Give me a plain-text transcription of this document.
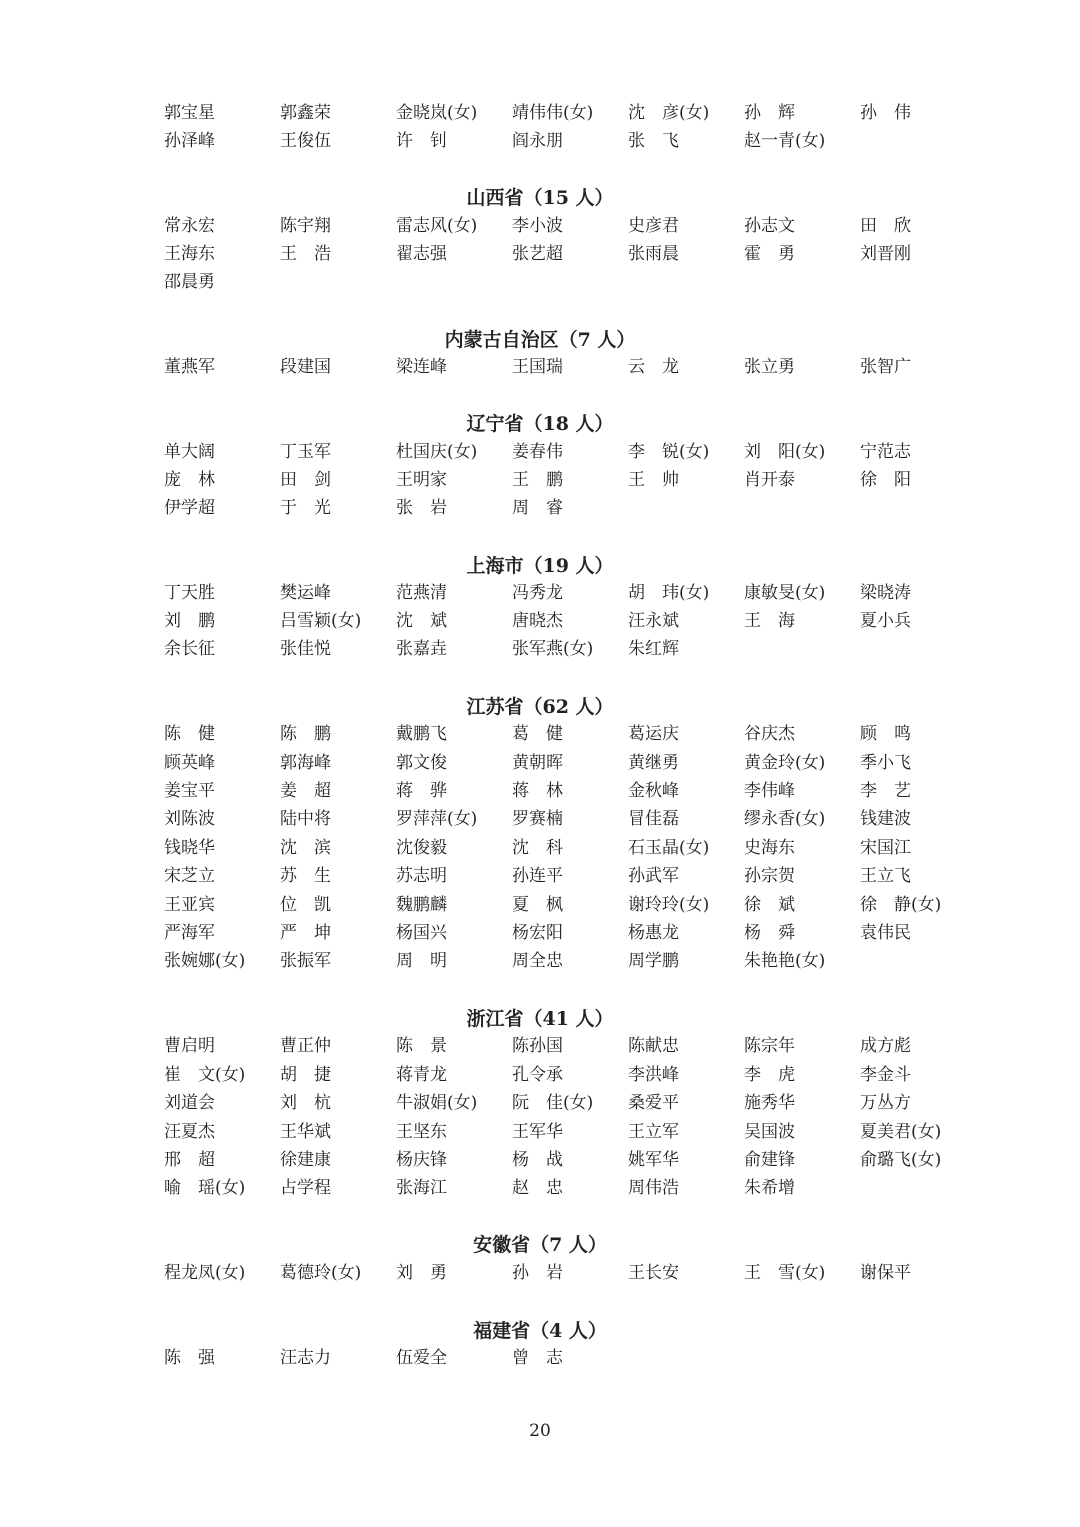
郭宝星	郭鑫荣	金晓岚(女) 靖伟伟(女) 沈　彦(女) 孙　辉	孙　伟
孙泽峰	王俊伍	许　钊	阎永朋	张　飞	赵一青(女)
山西省（15 人）
常永宏	陈宇翔	雷志风(女) 李小波	史彦君	孙志文	田　欣
王海东	王　浩	翟志强	张艺超	张雨晨	霍　勇	刘晋刚
邵晨勇
内蒙古自治区（7 人）
董燕军	段建国	梁连峰	王国瑞	云　龙	张立勇	张智广
辽宁省（18 人）
单大阔	丁玉军	杜国庆(女) 姜春伟	李　锐(女) 刘　阳(女) 宁范志
庞　林	田　剑	王明家	王　鹏	王　帅	肖开泰	徐　阳
伊学超	于　光	张　岩	周　睿
上海市（19 人）
丁天胜	樊运峰	范燕清	冯秀龙	胡　玮(女) 康敏旻(女) 梁晓涛
刘　鹏	吕雪颖(女) 沈　斌	唐晓杰	汪永斌	王　海	夏小兵
余长征	张佳悦	张嘉垚	张军燕(女) 朱红辉
江苏省（62 人）
陈　健	陈　鹏	戴鹏飞	葛　健	葛运庆	谷庆杰	顾　鸣
顾英峰	郭海峰	郭文俊	黄朝晖	黄继勇	黄金玲(女) 季小飞
姜宝平	姜　超	蒋　骅	蒋　林	金秋峰	李伟峰	李　艺
刘陈波	陆中将	罗萍萍(女) 罗赛楠	冒佳磊	缪永香(女) 钱建波
钱晓华	沈　滨	沈俊毅	沈　科	石玉晶(女) 史海东	宋国江
宋芝立	苏　生	苏志明	孙连平	孙武军	孙宗贺	王立飞
王亚宾	位　凯	魏鹏麟	夏　枫	谢玲玲(女) 徐　斌	徐　静(女)
严海军	严　坤	杨国兴	杨宏阳	杨惠龙	杨　舜	袁伟民
张婉娜(女) 张振军	周　明	周全忠	周学鹏	朱艳艳(女)
浙江省（41 人）
曹启明	曹正仲	陈　景	陈孙国	陈献忠	陈宗年	成方彪
崔　文(女) 胡　捷	蒋青龙	孔令承	李洪峰	李　虎	李金斗
刘道会	刘　杭	牛淑娟(女) 阮　佳(女) 桑爱平	施秀华	万丛方
汪夏杰	王华斌	王坚东	王军华	王立军	吴国波	夏美君(女)
邢　超	徐建康	杨庆锋	杨　战	姚军华	俞建锋	俞璐飞(女)
喻　瑶(女) 占学程	张海江	赵　忠	周伟浩	朱希增
安徽省（7 人）
程龙凤(女) 葛德玲(女) 刘　勇	孙　岩	王长安	王　雪(女) 谢保平
福建省（4 人）
陈　强	汪志力	伍爱全	曾　志
20
